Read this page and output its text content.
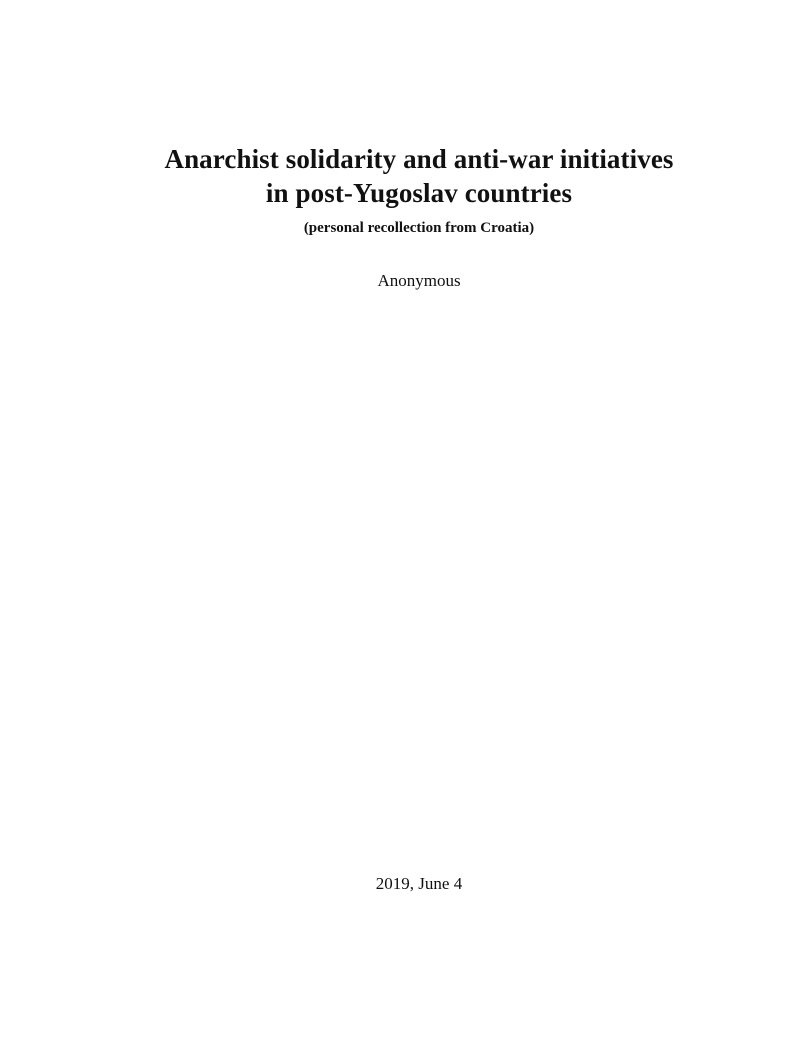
Anarchist solidarity and anti-war initiatives
in post-Yugoslav countries
(personal recollection from Croatia)
Anonymous
2019, June 4
